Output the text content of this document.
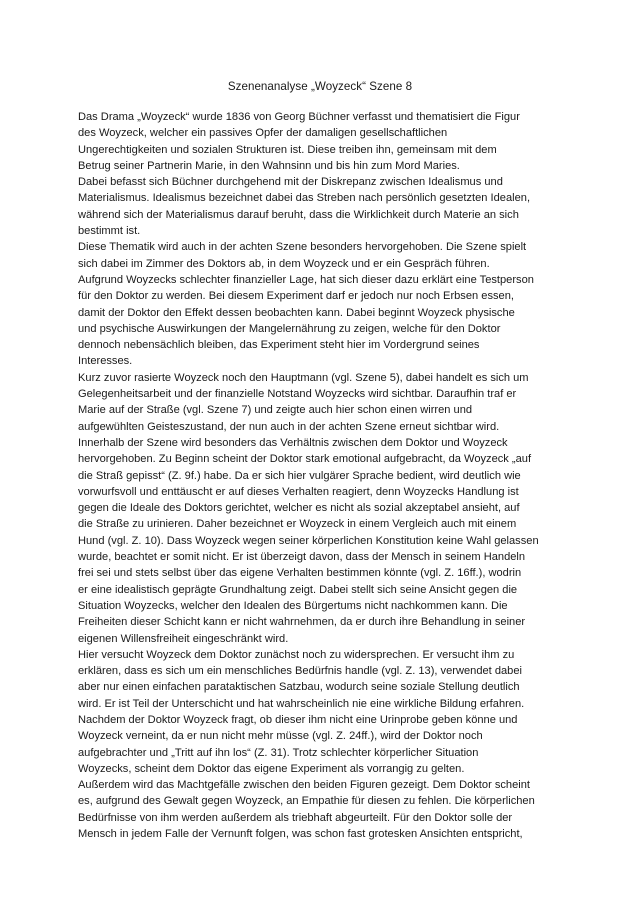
Szenenanalyse „Woyzeck“ Szene 8
Das Drama „Woyzeck“ wurde 1836 von Georg Büchner verfasst und thematisiert die Figur
des Woyzeck, welcher ein passives Opfer der damaligen gesellschaftlichen
Ungerechtigkeiten und sozialen Strukturen ist. Diese treiben ihn, gemeinsam mit dem
Betrug seiner Partnerin Marie, in den Wahnsinn und bis hin zum Mord Maries.
Dabei befasst sich Büchner durchgehend mit der Diskrepanz zwischen Idealismus und
Materialismus. Idealismus bezeichnet dabei das Streben nach persönlich gesetzten Idealen,
während sich der Materialismus darauf beruht, dass die Wirklichkeit durch Materie an sich
bestimmt ist.
Diese Thematik wird auch in der achten Szene besonders hervorgehoben. Die Szene spielt
sich dabei im Zimmer des Doktors ab, in dem Woyzeck und er ein Gespräch führen.
Aufgrund Woyzecks schlechter finanzieller Lage, hat sich dieser dazu erklärt eine Testperson
für den Doktor zu werden. Bei diesem Experiment darf er jedoch nur noch Erbsen essen,
damit der Doktor den Effekt dessen beobachten kann. Dabei beginnt Woyzeck physische
und psychische Auswirkungen der Mangelernährung zu zeigen, welche für den Doktor
dennoch nebensächlich bleiben, das Experiment steht hier im Vordergrund seines
Interesses.
Kurz zuvor rasierte Woyzeck noch den Hauptmann (vgl. Szene 5), dabei handelt es sich um
Gelegenheitsarbeit und der finanzielle Notstand Woyzecks wird sichtbar. Daraufhin traf er
Marie auf der Straße (vgl. Szene 7) und zeigte auch hier schon einen wirren und
aufgewühlten Geisteszustand, der nun auch in der achten Szene erneut sichtbar wird.
Innerhalb der Szene wird besonders das Verhältnis zwischen dem Doktor und Woyzeck
hervorgehoben. Zu Beginn scheint der Doktor stark emotional aufgebracht, da Woyzeck „auf
die Straß gepisst“ (Z. 9f.) habe. Da er sich hier vulgärer Sprache bedient, wird deutlich wie
vorwurfsvoll und enttäuscht er auf dieses Verhalten reagiert, denn Woyzecks Handlung ist
gegen die Ideale des Doktors gerichtet, welcher es nicht als sozial akzeptabel ansieht, auf
die Straße zu urinieren. Daher bezeichnet er Woyzeck in einem Vergleich auch mit einem
Hund (vgl. Z. 10). Dass Woyzeck wegen seiner körperlichen Konstitution keine Wahl gelassen
wurde, beachtet er somit nicht. Er ist überzeigt davon, dass der Mensch in seinem Handeln
frei sei und stets selbst über das eigene Verhalten bestimmen könnte (vgl. Z. 16ff.), wodrin
er eine idealistisch geprägte Grundhaltung zeigt. Dabei stellt sich seine Ansicht gegen die
Situation Woyzecks, welcher den Idealen des Bürgertums nicht nachkommen kann. Die
Freiheiten dieser Schicht kann er nicht wahrnehmen, da er durch ihre Behandlung in seiner
eigenen Willensfreiheit eingeschränkt wird.
Hier versucht Woyzeck dem Doktor zunächst noch zu widersprechen. Er versucht ihm zu
erklären, dass es sich um ein menschliches Bedürfnis handle (vgl. Z. 13), verwendet dabei
aber nur einen einfachen parataktischen Satzbau, wodurch seine soziale Stellung deutlich
wird. Er ist Teil der Unterschicht und hat wahrscheinlich nie eine wirkliche Bildung erfahren.
Nachdem der Doktor Woyzeck fragt, ob dieser ihm nicht eine Urinprobe geben könne und
Woyzeck verneint, da er nun nicht mehr müsse (vgl. Z. 24ff.), wird der Doktor noch
aufgebrachter und „Tritt auf ihn los“ (Z. 31). Trotz schlechter körperlicher Situation
Woyzecks, scheint dem Doktor das eigene Experiment als vorrangig zu gelten.
Außerdem wird das Machtgefälle zwischen den beiden Figuren gezeigt. Dem Doktor scheint
es, aufgrund des Gewalt gegen Woyzeck, an Empathie für diesen zu fehlen. Die körperlichen
Bedürfnisse von ihm werden außerdem als triebhaft abgeurteilt. Für den Doktor solle der
Mensch in jedem Falle der Vernunft folgen, was schon fast grotesken Ansichten entspricht,
